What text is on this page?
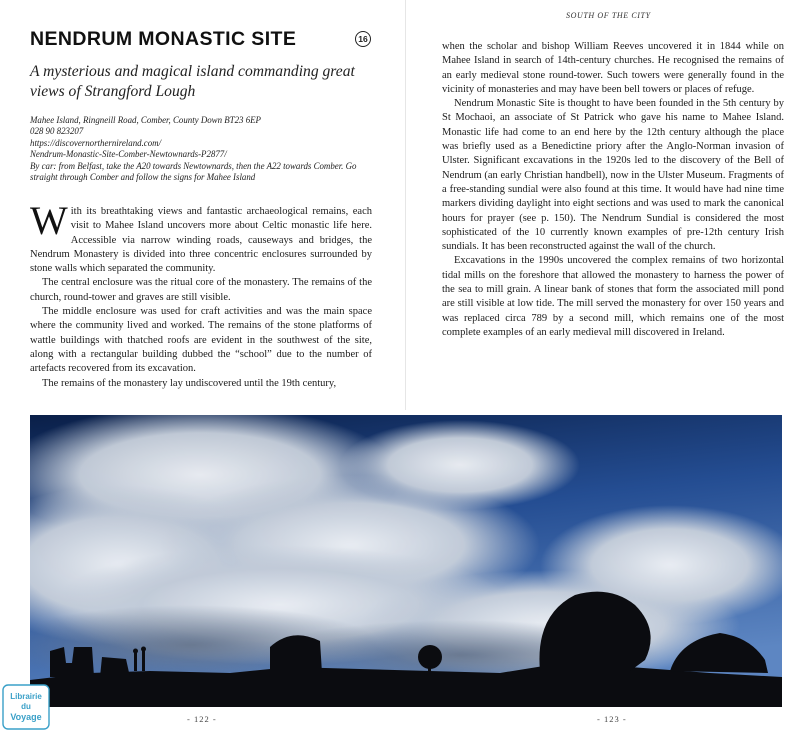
NENDRUM MONASTIC SITE	16
A mysterious and magical island commanding great views of Strangford Lough
Mahee Island, Ringneill Road, Comber, County Down BT23 6EP
028 90 823207
https://discovernorthernireland.com/
Nendrum-Monastic-Site-Comber-Newtownards-P2877/
By car: from Belfast, take the A20 towards Newtownards, then the A22 towards Comber. Go straight through Comber and follow the signs for Mahee Island

With its breathtaking views and fantastic archaeological remains, each visit to Mahee Island uncovers more about Celtic monastic life here. Accessible via narrow winding roads, causeways and bridges, the Nendrum Monastery is divided into three concentric enclosures surrounded by stone walls which separated the community.

The central enclosure was the ritual core of the monastery. The remains of the church, round-tower and graves are still visible.

The middle enclosure was used for craft activities and was the main space where the community lived and worked. The remains of the stone platforms of wattle buildings with thatched roofs are evident in the southwest of the site, along with a rectangular building dubbed the “school” due to the number of artefacts recovered from its excavation.

The remains of the monastery lay undiscovered until the 19th century,

SOUTH OF THE CITY

when the scholar and bishop William Reeves uncovered it in 1844 while on Mahee Island in search of 14th-century churches. He recognised the remains of an early medieval stone round-tower. Such towers were generally found in the vicinity of monasteries and may have been bell towers or places of refuge.

Nendrum Monastic Site is thought to have been founded in the 5th century by St Mochaoi, an associate of St Patrick who gave his name to Mahee Island. Monastic life had come to an end here by the 12th century although the place was briefly used as a Benedictine priory after the Anglo-Norman invasion of Ulster. Significant excavations in the 1920s led to the discovery of the Bell of Nendrum (an early Christian handbell), now in the Ulster Museum. Fragments of a free-standing sundial were also found at this time. It would have had nine time markers dividing daylight into eight sections and was used to mark the canonical hours for prayer (see p. 150). The Nendrum Sundial is considered the most sophisticated of the 10 currently known examples of pre-12th century Irish sundials. It has been reconstructed against the wall of the church.

Excavations in the 1990s uncovered the complex remains of two horizontal tidal mills on the foreshore that allowed the monastery to harness the power of the sea to mill grain. A linear bank of stones that form the associated mill pond are still visible at low tide. The mill served the monastery for over 150 years and was replaced circa 789 by a second mill, which remains one of the most complete examples of an early medieval mill discovered in Ireland.

- 122 -	- 123 -
Librairie
du
Voyage
